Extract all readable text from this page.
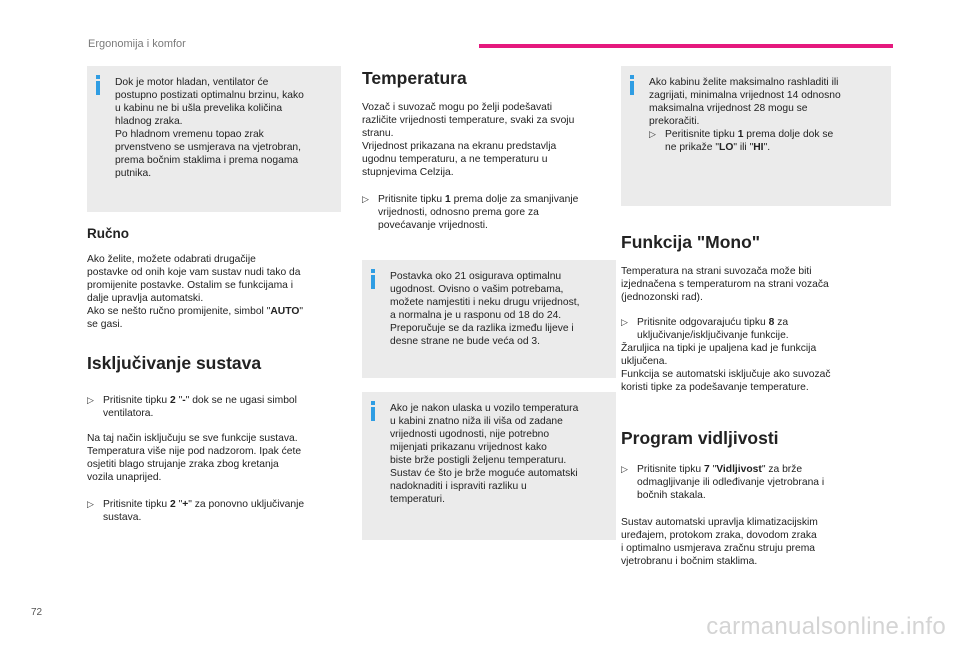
Ergonomija i komfor
Dok je motor hladan, ventilator će
postupno postizati optimalnu brzinu, kako
u kabinu ne bi ušla prevelika količina
hladnog zraka.
Po hladnom vremenu topao zrak
prvenstveno se usmjerava na vjetrobran,
prema bočnim staklima i prema nogama
putnika.
Ručno
Ako želite, možete odabrati drugačije
postavke od onih koje vam sustav nudi tako da
promijenite postavke. Ostalim se funkcijama i
dalje upravlja automatski.
Ako se nešto ručno promijenite, simbol "AUTO"
se gasi.
Isključivanje sustava
▷ Pritisnite tipku 2 "-" dok se ne ugasi simbol
ventilatora.
Na taj način isključuju se sve funkcije sustava.
Temperatura više nije pod nadzorom. Ipak ćete
osjetiti blago strujanje zraka zbog kretanja
vozila unaprijed.
▷ Pritisnite tipku 2 "+" za ponovno uključivanje
sustava.
Temperatura
Vozač i suvozač mogu po želji podešavati
različite vrijednosti temperature, svaki za svoju
stranu.
Vrijednost prikazana na ekranu predstavlja
ugodnu temperaturu, a ne temperaturu u
stupnjevima Celzija.
▷ Pritisnite tipku 1 prema dolje za smanjivanje
vrijednosti, odnosno prema gore za
povećavanje vrijednosti.
Postavka oko 21 osigurava optimalnu
ugodnost. Ovisno o vašim potrebama,
možete namjestiti i neku drugu vrijednost,
a normalna je u rasponu od 18 do 24.
Preporučuje se da razlika između lijeve i
desne strane ne bude veća od 3.
Ako je nakon ulaska u vozilo temperatura
u kabini znatno niža ili viša od zadane
vrijednosti ugodnosti, nije potrebno
mijenjati prikazanu vrijednost kako
biste brže postigli željenu temperaturu.
Sustav će što je brže moguće automatski
nadoknaditi i ispraviti razliku u
temperaturi.
Ako kabinu želite maksimalno rashladiti ili
zagrijati, minimalna vrijednost 14 odnosno
maksimalna vrijednost 28 mogu se
prekoračiti.
▷ Peritisnite tipku 1 prema dolje dok se
ne prikaže "LO" ili "HI".
Funkcija "Mono"
Temperatura na strani suvozača može biti
izjednačena s temperaturom na strani vozača
(jednozonski rad).
▷ Pritisnite odgovarajuću tipku 8 za
uključivanje/isključivanje funkcije.
Žaruljica na tipki je upaljena kad je funkcija
uključena.
Funkcija se automatski isključuje ako suvozač
koristi tipke za podešavanje temperature.
Program vidljivosti
▷ Pritisnite tipku 7 "Vidljivost" za brže
odmagljivanje ili odleđivanje vjetrobrana i
bočnih stakala.
Sustav automatski upravlja klimatizacijskim
uređajem, protokom zraka, dovodom zraka
i optimalno usmjerava zračnu struju prema
vjetrobranu i bočnim staklima.
72
carmanualsonline.info
